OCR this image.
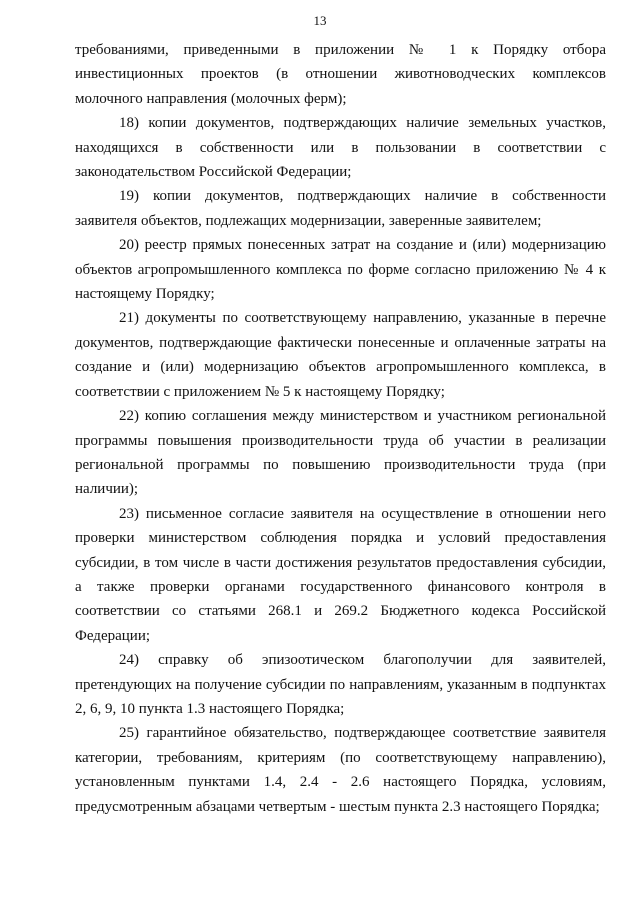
13

требованиями, приведенными в приложении № 1 к Порядку отбора инвестиционных проектов (в отношении животноводческих комплексов молочного направления (молочных ферм);

18) копии документов, подтверждающих наличие земельных участков, находящихся в собственности или в пользовании в соответствии с законодательством Российской Федерации;

19) копии документов, подтверждающих наличие в собственности заявителя объектов, подлежащих модернизации, заверенные заявителем;

20) реестр прямых понесенных затрат на создание и (или) модернизацию объектов агропромышленного комплекса по форме согласно приложению № 4 к настоящему Порядку;

21) документы по соответствующему направлению, указанные в перечне документов, подтверждающие фактически понесенные и оплаченные затраты на создание и (или) модернизацию объектов агропромышленного комплекса, в соответствии с приложением № 5 к настоящему Порядку;

22) копию соглашения между министерством и участником региональной программы повышения производительности труда об участии в реализации региональной программы по повышению производительности труда (при наличии);

23) письменное согласие заявителя на осуществление в отношении него проверки министерством соблюдения порядка и условий предоставления субсидии, в том числе в части достижения результатов предоставления субсидии, а также проверки органами государственного финансового контроля в соответствии со статьями 268.1 и 269.2 Бюджетного кодекса Российской Федерации;

24) справку об эпизоотическом благополучии для заявителей, претендующих на получение субсидии по направлениям, указанным в подпунктах 2, 6, 9, 10 пункта 1.3 настоящего Порядка;

25) гарантийное обязательство, подтверждающее соответствие заявителя категории, требованиям, критериям (по соответствующему направлению), установленным пунктами 1.4, 2.4 - 2.6 настоящего Порядка, условиям, предусмотренным абзацами четвертым - шестым пункта 2.3 настоящего Порядка;
